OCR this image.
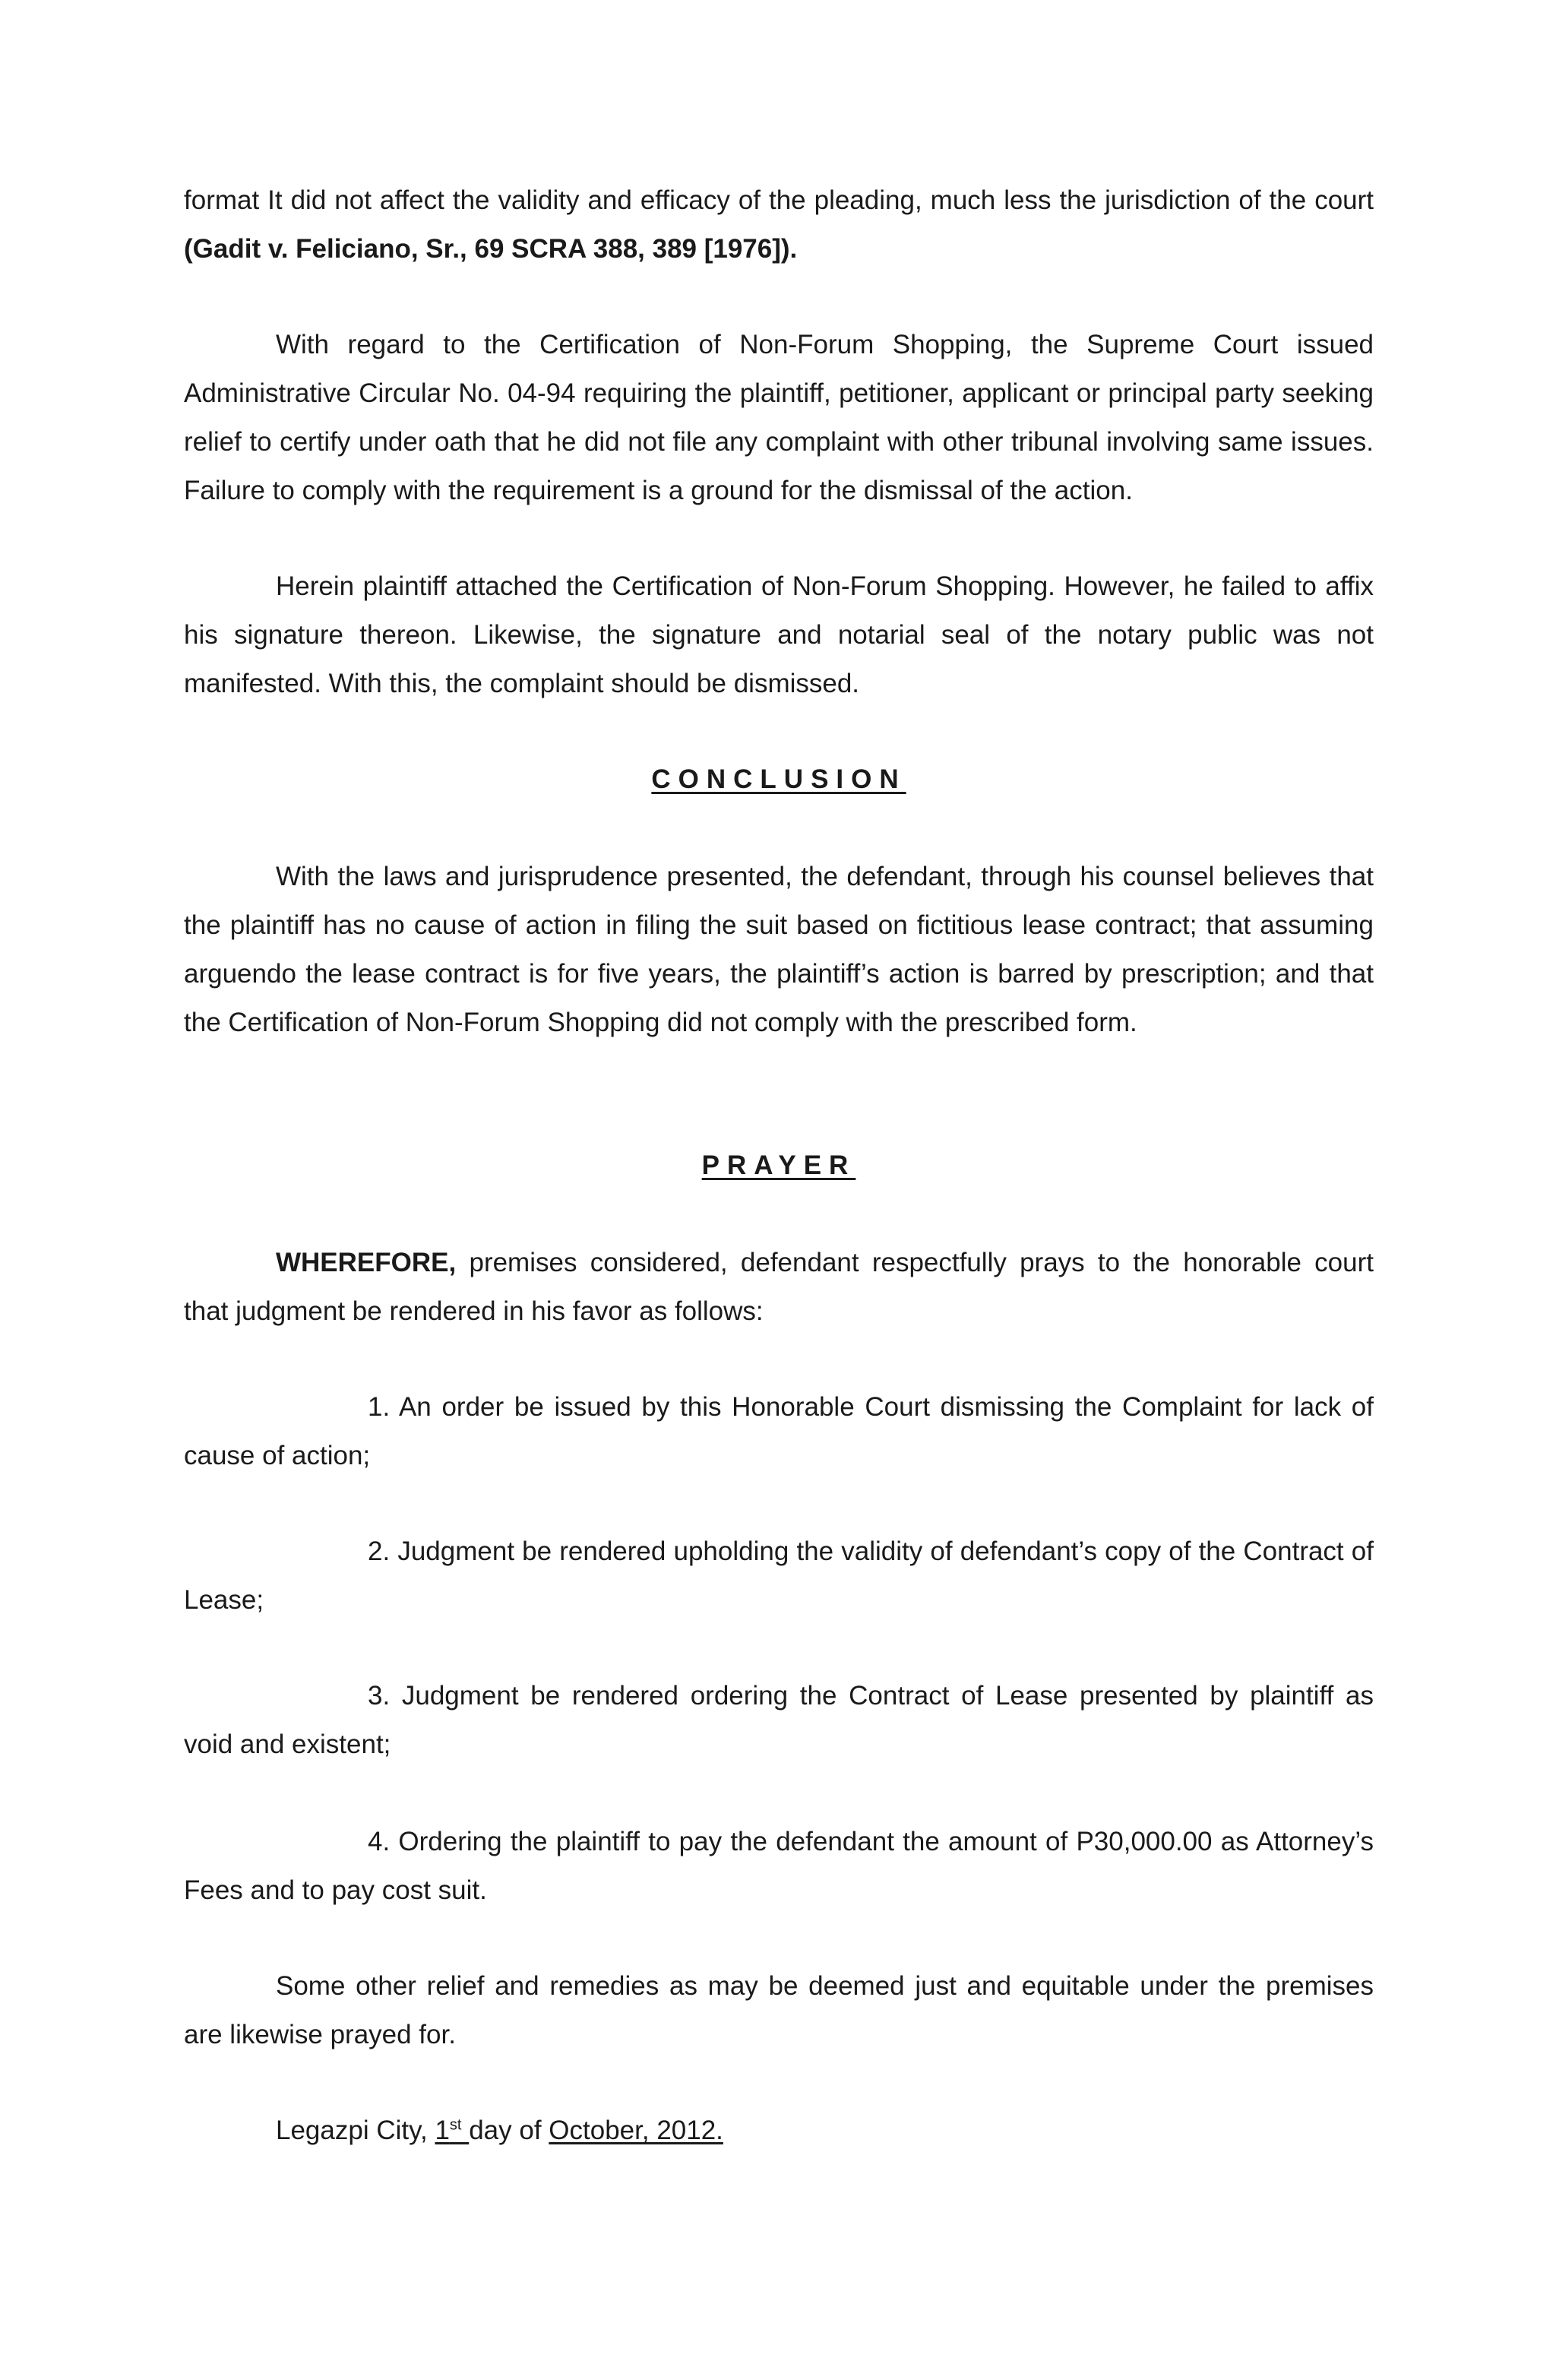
format It did not affect the validity and efficacy of the pleading, much less the jurisdiction of the court (Gadit v. Feliciano, Sr., 69 SCRA 388, 389 [1976]).

With regard to the Certification of Non-Forum Shopping, the Supreme Court issued Administrative Circular No. 04-94 requiring the plaintiff, petitioner, applicant or principal party seeking relief to certify under oath that he did not file any complaint with other tribunal involving same issues. Failure to comply with the requirement is a ground for the dismissal of the action.

Herein plaintiff attached the Certification of Non-Forum Shopping. However, he failed to affix his signature thereon. Likewise, the signature and notarial seal of the notary public was not manifested. With this, the complaint should be dismissed.

CONCLUSION

With the laws and jurisprudence presented, the defendant, through his counsel believes that the plaintiff has no cause of action in filing the suit based on fictitious lease contract; that assuming arguendo the lease contract is for five years, the plaintiff’s action is barred by prescription; and that the Certification of Non-Forum Shopping did not comply with the prescribed form.

PRAYER

WHEREFORE, premises considered, defendant respectfully prays to the honorable court that judgment be rendered in his favor as follows:

1. An order be issued by this Honorable Court dismissing the Complaint for lack of cause of action;

2. Judgment be rendered upholding the validity of defendant’s copy of the Contract of Lease;

3. Judgment be rendered ordering the Contract of Lease presented by plaintiff as void and existent;

4. Ordering the plaintiff to pay the defendant the amount of P30,000.00 as Attorney’s Fees and to pay cost suit.

Some other relief and remedies as may be deemed just and equitable under the premises are likewise prayed for.

Legazpi City, 1st day of October, 2012.
